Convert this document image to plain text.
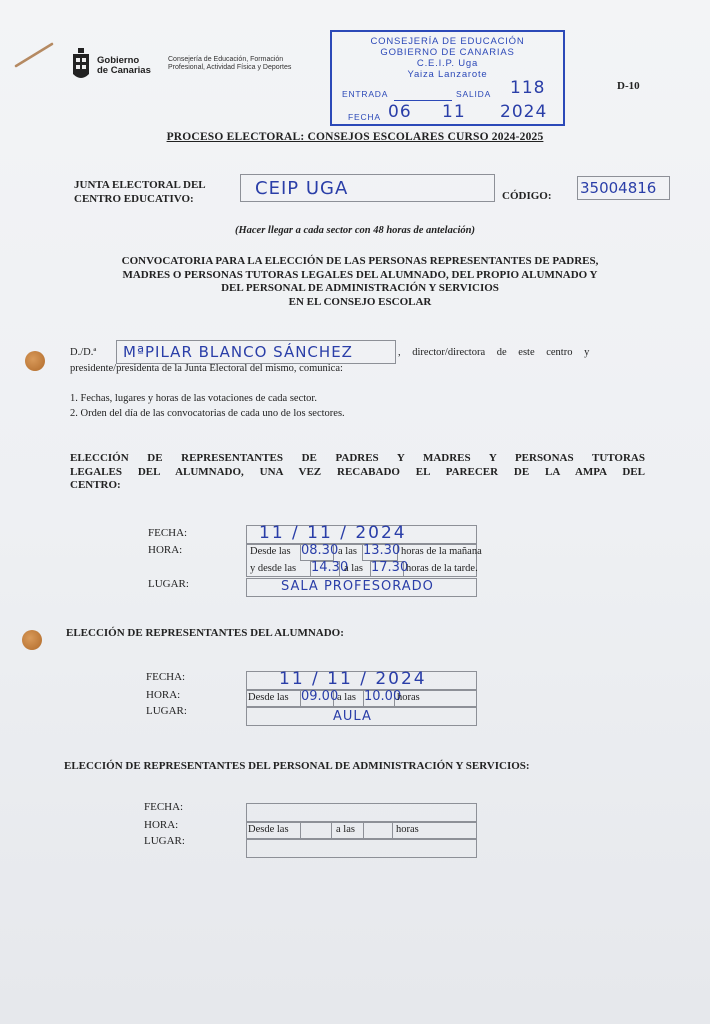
Gobierno
de Canarias
Consejería de Educación, Formación
Profesional, Actividad Física y Deportes
CONSEJERÍA DE EDUCACIÓN
GOBIERNO DE CANARIAS
C.E.I.P. Uga
Yaiza Lanzarote
ENTRADA	SALIDA 118
FECHA 06 11 2024
D-10
PROCESO ELECTORAL: CONSEJOS ESCOLARES CURSO 2024-2025
JUNTA ELECTORAL DEL
CENTRO EDUCATIVO:	CEIP UGA	CÓDIGO: 35004816
(Hacer llegar a cada sector con 48 horas de antelación)
CONVOCATORIA PARA LA ELECCIÓN DE LAS PERSONAS REPRESENTANTES DE PADRES,
MADRES O PERSONAS TUTORAS LEGALES DEL ALUMNADO, DEL PROPIO ALUMNADO Y
DEL PERSONAL DE ADMINISTRACIÓN Y SERVICIOS
EN EL CONSEJO ESCOLAR
D./D.ª MªPILAR BLANCO SÁNCHEZ	, director/directora de este centro y
presidente/presidenta de la Junta Electoral del mismo, comunica:
1. Fechas, lugares y horas de las votaciones de cada sector.
2. Orden del día de las convocatorias de cada uno de los sectores.
ELECCIÓN DE REPRESENTANTES DE PADRES Y MADRES Y PERSONAS TUTORAS
LEGALES DEL ALUMNADO, UNA VEZ RECABADO EL PARECER DE LA AMPA DEL
CENTRO:
FECHA:	11 / 11 / 2024
HORA:	Desde las 08.30 a las 13.30 horas de la mañana
y desde las 14.30
a las 17.30
horas de la tarde.
LUGAR:	SALA PROFESORADO
ELECCIÓN DE REPRESENTANTES DEL ALUMNADO:
FECHA:	11 / 11 / 2024
HORA:	Desde las 09.00
a las 10.00
horas
LUGAR:	AULA
ELECCIÓN DE REPRESENTANTES DEL PERSONAL DE ADMINISTRACIÓN Y SERVICIOS:
FECHA:
HORA:	Desde las	a las	horas
LUGAR:
